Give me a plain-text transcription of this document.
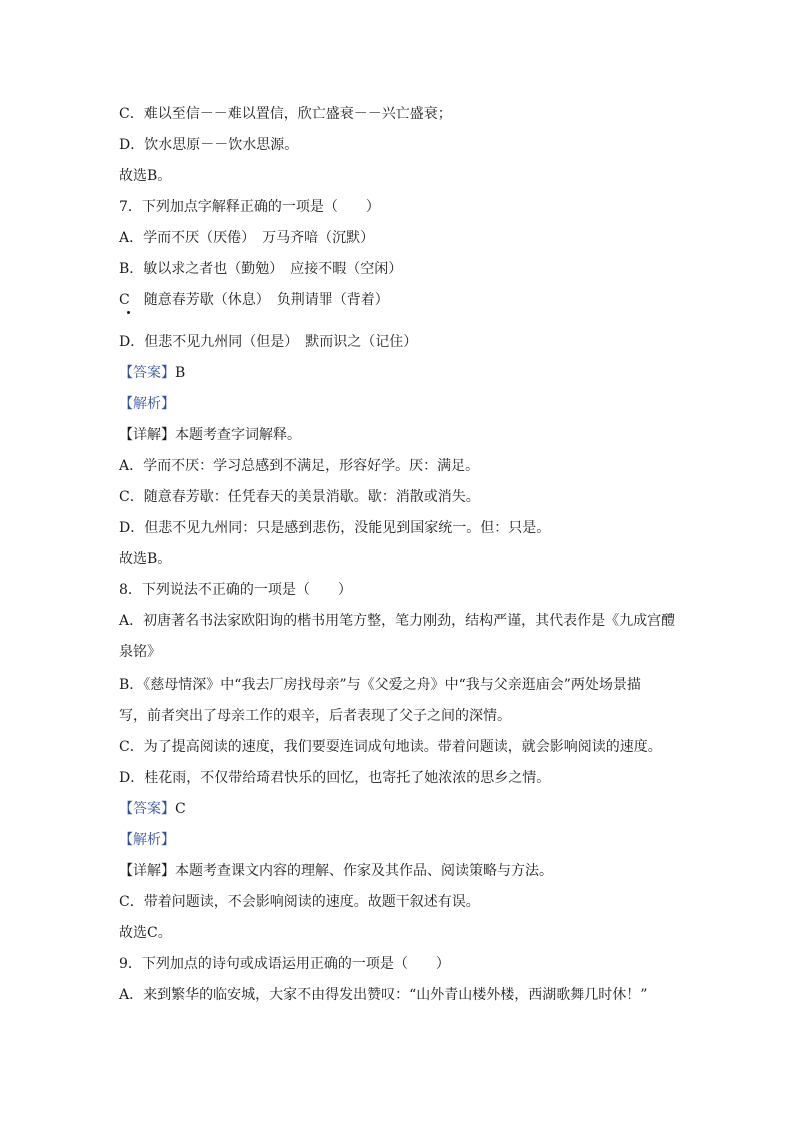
C．难以至信－－难以置信，欣亡盛衰－－兴亡盛衰；
D．饮水思原－－饮水思源。
故选B。
7．下列加点字解释正确的一项是（　　）
A．学而不厌（厌倦）　万马齐喑（沉默）
B．敏以求之者也（勤勉）　应接不暇（空闲）
C　随意春芳歇（休息）　负荆请罪（背着）
D．但悲不见九州同（但是）　默而识之（记住）
【答案】B
【解析】
【详解】本题考查字词解释。
A．学而不厌：学习总感到不满足，形容好学。厌：满足。
C．随意春芳歇：任凭春天的美景消歇。歇：消散或消失。
D．但悲不见九州同：只是感到悲伤，没能见到国家统一。但：只是。
故选B。
8．下列说法不正确的一项是（　　）
A．初唐著名书法家欧阳询的楷书用笔方整，笔力刚劲，结构严谨，其代表作是《九成宫醴
泉铭》
B．《慈母情深》中“我去厂房找母亲”与《父爱之舟》中“我与父亲逛庙会”两处场景描
写，前者突出了母亲工作的艰辛，后者表现了父子之间的深情。
C．为了提高阅读的速度，我们要耍连词成句地读。带着问题读，就会影响阅读的速度。
D．桂花雨，不仅带给琦君快乐的回忆，也寄托了她浓浓的思乡之情。
【答案】C
【解析】
【详解】本题考查课文内容的理解、作家及其作品、阅读策略与方法。
C．带着问题读，不会影响阅读的速度。故题干叙述有误。
故选C。
9．下列加点的诗句或成语运用正确的一项是（　　）
A．来到繁华的临安城，大家不由得发出赞叹：“山外青山楼外楼，西湖歌舞几时休！”
